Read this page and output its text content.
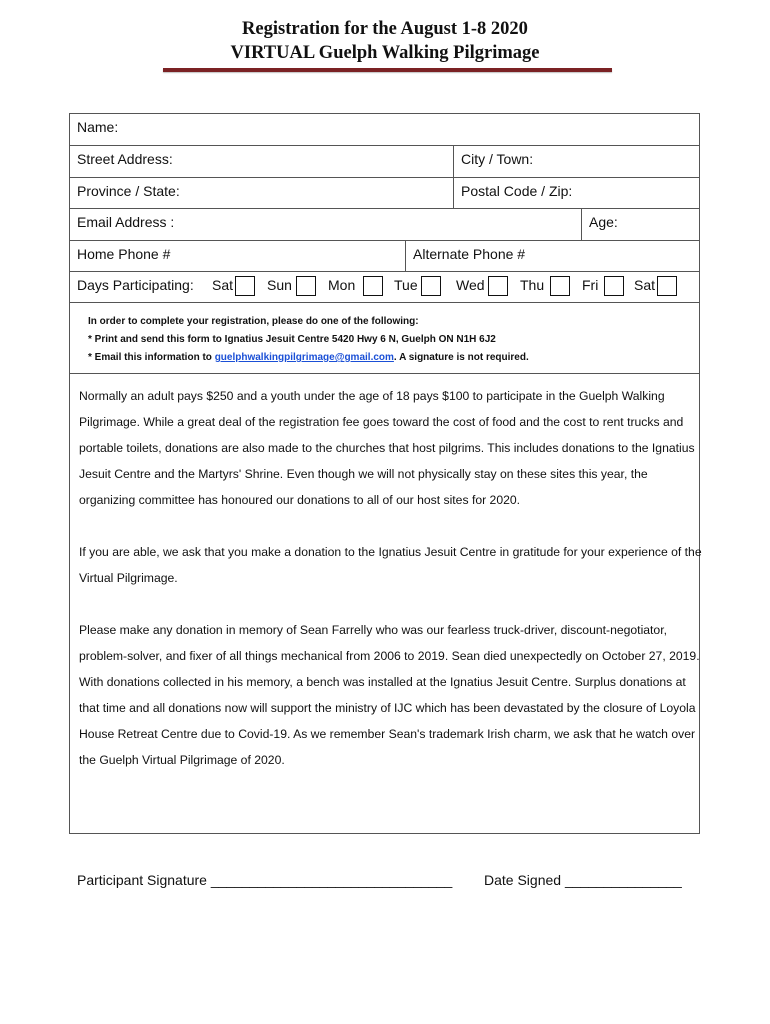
Registration for the August 1-8 2020
VIRTUAL Guelph Walking Pilgrimage
Name:
Street Address:	City / Town:
Province / State:	Postal Code / Zip:
Email Address :	Age:
Home Phone #	Alternate Phone #
Days Participating: Sat Sun	Mon	Tue	Wed	Thu	Fri	Sat
In order to complete your registration, please do one of the following:
* Print and send this form to Ignatius Jesuit Centre 5420 Hwy 6 N, Guelph ON N1H 6J2
* Email this information to guelphwalkingpilgrimage@gmail.com. A signature is not required.
Normally an adult pays $250 and a youth under the age of 18 pays $100 to participate in the Guelph Walking Pilgrimage. While a great deal of the registration fee goes toward the cost of food and the cost to rent trucks and portable toilets, donations are also made to the churches that host pilgrims. This includes donations to the Ignatius Jesuit Centre and the Martyrs' Shrine. Even though we will not physically stay on these sites this year, the organizing committee has honoured our donations to all of our host sites for 2020.
If you are able, we ask that you make a donation to the Ignatius Jesuit Centre in gratitude for your experience of the Virtual Pilgrimage.
Please make any donation in memory of Sean Farrelly who was our fearless truck-driver, discount-negotiator, problem-solver, and fixer of all things mechanical from 2006 to 2019. Sean died unexpectedly on October 27, 2019. With donations collected in his memory, a bench was installed at the Ignatius Jesuit Centre. Surplus donations at that time and all donations now will support the ministry of IJC which has been devastated by the closure of Loyola House Retreat Centre due to Covid-19. As we remember Sean's trademark Irish charm, we ask that he watch over the Guelph Virtual Pilgrimage of 2020.
Participant Signature _______________________________ Date Signed _______________
